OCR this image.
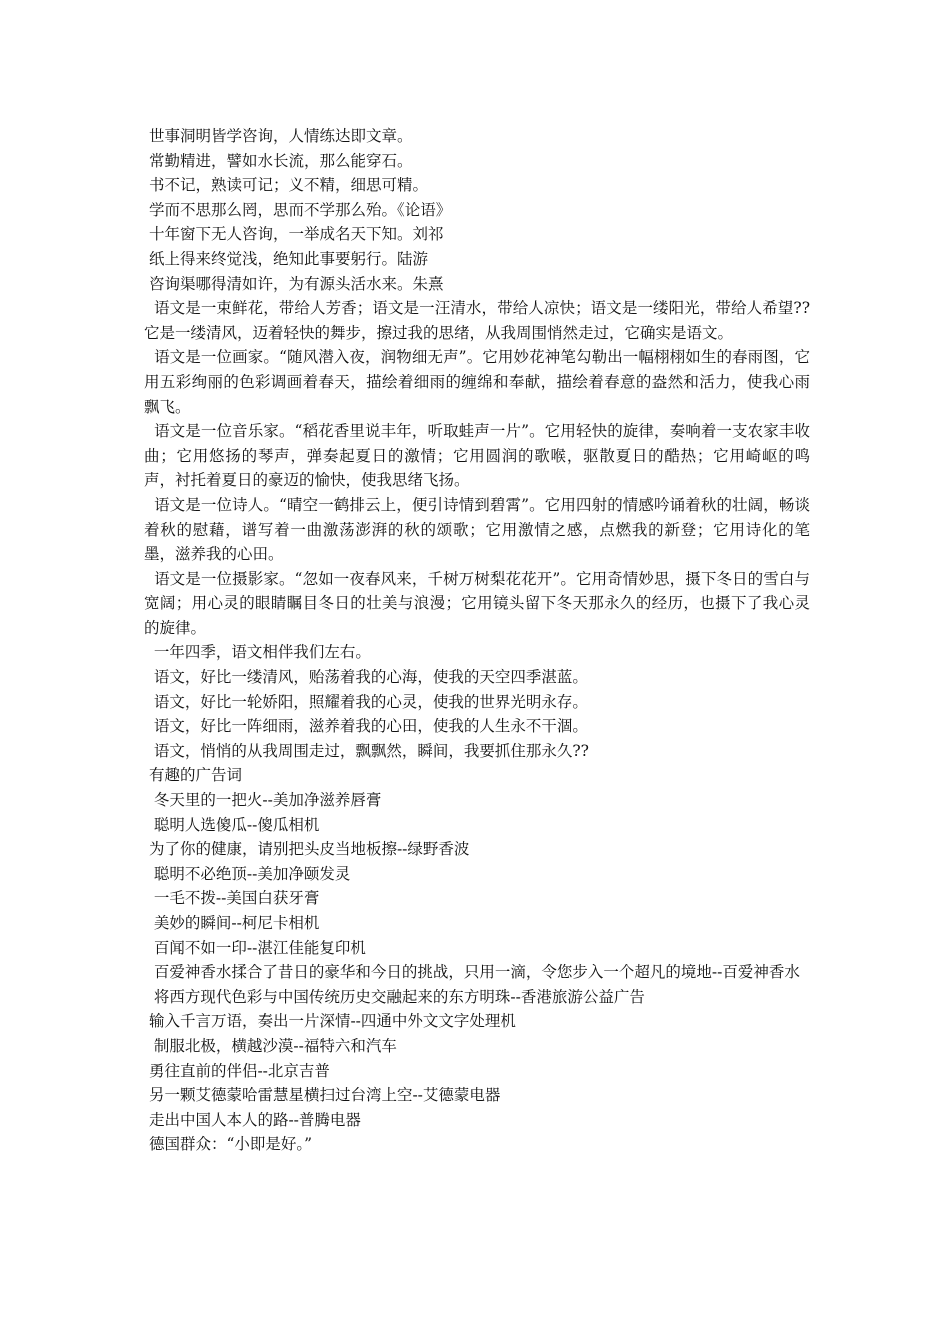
世事洞明皆学咨询，人情练达即文章。

常勤精进，譬如水长流，那么能穿石。

书不记，熟读可记；义不精，细思可精。

学而不思那么罔，思而不学那么殆。《论语》

十年窗下无人咨询，一举成名天下知。刘祁

纸上得来终觉浅，绝知此事要躬行。陆游

咨询渠哪得清如许，为有源头活水来。朱熹

语文是一束鲜花，带给人芳香；语文是一汪清水，带给人凉快；语文是一缕阳光，带给人希望??它是一缕清风，迈着轻快的舞步，擦过我的思绪，从我周围悄然走过，它确实是语文。

语文是一位画家。“随风潜入夜，润物细无声”。它用妙花神笔勾勒出一幅栩栩如生的春雨图，它用五彩绚丽的色彩调画着春天，描绘着细雨的缠绵和奉献，描绘着春意的盎然和活力，使我心雨飘飞。

语文是一位音乐家。“稻花香里说丰年，听取蛙声一片”。它用轻快的旋律，奏响着一支农家丰收曲；它用悠扬的琴声，弹奏起夏日的激情；它用圆润的歌喉，驱散夏日的酷热；它用崎岖的鸣声，衬托着夏日的豪迈的愉快，使我思绪飞扬。

语文是一位诗人。“晴空一鹤排云上，便引诗情到碧霄”。它用四射的情感吟诵着秋的壮阔，畅谈着秋的慰藉，谱写着一曲激荡澎湃的秋的颂歌；它用激情之感，点燃我的新登；它用诗化的笔墨，滋养我的心田。

语文是一位摄影家。“忽如一夜春风来，千树万树梨花花开”。它用奇情妙思，摄下冬日的雪白与宽阔；用心灵的眼睛瞩目冬日的壮美与浪漫；它用镜头留下冬天那永久的经历，也摄下了我心灵的旋律。

一年四季，语文相伴我们左右。

语文，好比一缕清风，贻荡着我的心海，使我的天空四季湛蓝。

语文，好比一轮娇阳，照耀着我的心灵，使我的世界光明永存。

语文，好比一阵细雨，滋养着我的心田，使我的人生永不干涸。

语文，悄悄的从我周围走过，飘飘然，瞬间，我要抓住那永久??

有趣的广告词

冬天里的一把火--美加净滋养唇膏

聪明人选傻瓜--傻瓜相机

为了你的健康，请别把头皮当地板擦--绿野香波

聪明不必绝顶--美加净颐发灵

一毛不拨--美国白获牙膏

美妙的瞬间--柯尼卡相机

百闻不如一印--湛江佳能复印机

百爱神香水揉合了昔日的豪华和今日的挑战，只用一滴，令您步入一个超凡的境地--百爱神香水

将西方现代色彩与中国传统历史交融起来的东方明珠--香港旅游公益广告

输入千言万语，奏出一片深情--四通中外文文字处理机

制服北极，横越沙漠--福特六和汽车

勇往直前的伴侣--北京吉普

另一颗艾德蒙哈雷慧星横扫过台湾上空--艾德蒙电器

走出中国人本人的路--普腾电器

德国群众：“小即是好。”
